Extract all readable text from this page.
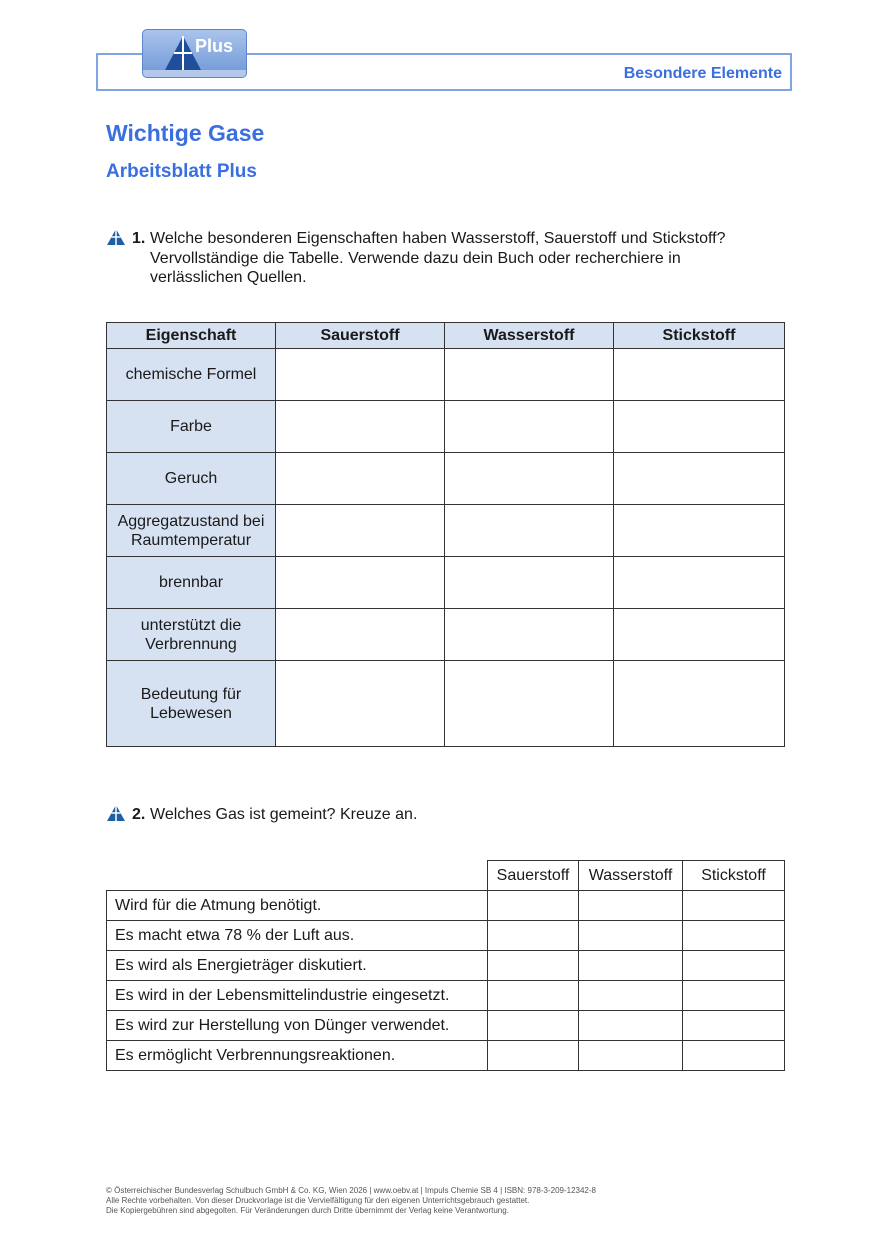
Besondere Elemente
Plus
Wichtige Gase
Arbeitsblatt Plus
1. Welche besonderen Eigenschaften haben Wasserstoff, Sauerstoff und Stickstoff? Vervollständige die Tabelle. Verwende dazu dein Buch oder recherchiere in verlässlichen Quellen.
Eigenschaft	Sauerstoff	Wasserstoff	Stickstoff
chemische Formel			
Farbe			
Geruch			
Aggregatzustand bei Raumtemperatur			
brennbar			
unterstützt die Verbrennung			
Bedeutung für Lebewesen			
2. Welches Gas ist gemeint? Kreuze an.
	Sauerstoff	Wasserstoff	Stickstoff
Wird für die Atmung benötigt.			
Es macht etwa 78 % der Luft aus.			
Es wird als Energieträger diskutiert.			
Es wird in der Lebensmittelindustrie eingesetzt.			
Es wird zur Herstellung von Dünger verwendet.			
Es ermöglicht Verbrennungsreaktionen.			
© Österreichischer Bundesverlag Schulbuch GmbH & Co. KG, Wien 2026 | www.oebv.at | Impuls Chemie SB 4 | ISBN: 978-3-209-12342-8
Alle Rechte vorbehalten. Von dieser Druckvorlage ist die Vervielfältigung für den eigenen Unterrichtsgebrauch gestattet.
Die Kopiergebühren sind abgegolten. Für Veränderungen durch Dritte übernimmt der Verlag keine Verantwortung.
